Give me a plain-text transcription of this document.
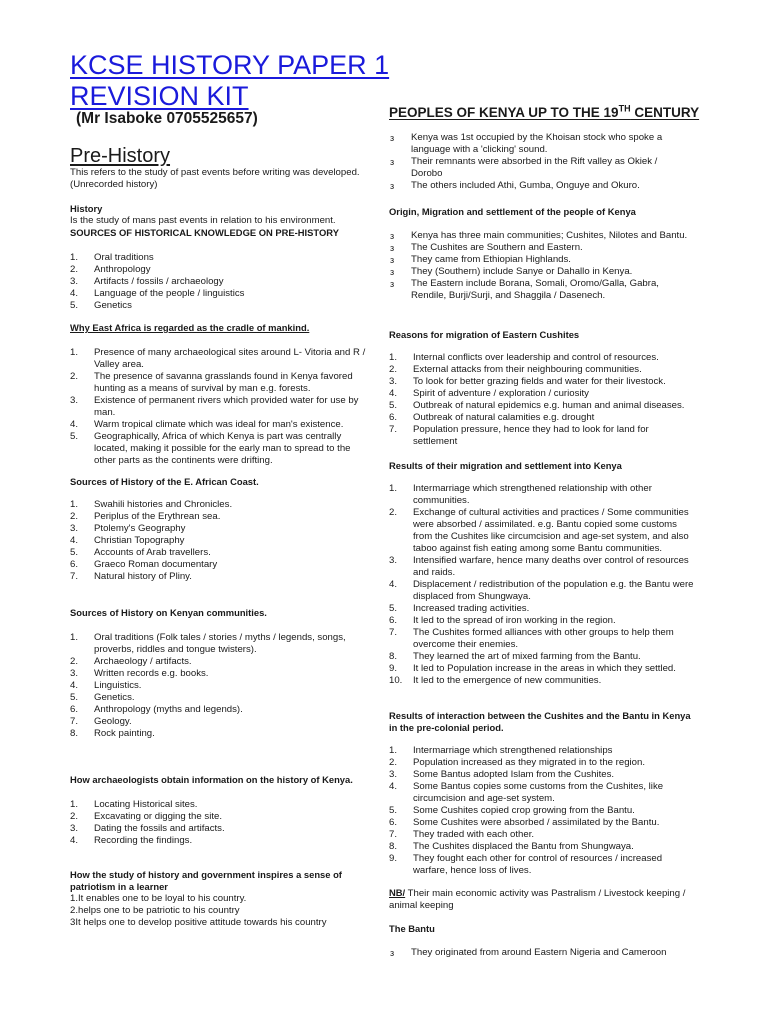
KCSE HISTORY PAPER 1
REVISION KIT
(Mr Isaboke 0705525657)
Pre-History

This refers to the study of past events before writing was developed.(Unrecorded history)

History

Is the study of mans past events in relation to his environment.

SOURCES OF HISTORICAL KNOWLEDGE ON PRE-HISTORY

1. Oral traditions
2. Anthropology
3. Artifacts / fossils / archaeology
4. Language of the people / linguistics
5. Genetics

Why East Africa is regarded as the cradle of mankind.

1. Presence of many archaeological sites around L- Vitoria and R / Valley area.
2. The presence of savanna grasslands found in Kenya favored hunting as a means of survival by man e.g. forests.
3. Existence of permanent rivers which provided water for use by man.
4. Warm tropical climate which was ideal for man's existence.
5. Geographically, Africa of which Kenya is part was centrally located, making it possible for the early man to spread to the other parts as the continents were drifting.

Sources of History of the E. African Coast.

1. Swahili histories and Chronicles.
2. Periplus of the Erythrean sea.
3. Ptolemy's Geography
4. Christian Topography
5. Accounts of Arab travellers.
6. Graeco Roman documentary
7. Natural history of Pliny.

Sources of History on Kenyan communities.

1. Oral traditions (Folk tales / stories / myths / legends, songs, proverbs, riddles and tongue twisters).
2. Archaeology / artifacts.
3. Written records e.g. books.
4. Linguistics.
5. Genetics.
6. Anthropology (myths and legends).
7. Geology.
8. Rock painting.

How archaeologists obtain information on the history of Kenya.

1. Locating Historical sites.
2. Excavating or digging the site.
3. Dating the fossils and artifacts.
4. Recording the findings.

How the study of history and government inspires a sense of patriotism in a learner

1.It enables one to be loyal to his country.

2.helps one to be patriotic to his country

3It helps one to develop positive attitude towards his country

PEOPLES OF KENYA UP TO THE 19TH CENTURY
з Kenya was 1st occupied by the Khoisan stock who spoke a language with a 'clicking' sound.
з Their remnants were absorbed in the Rift valley as Okiek / Dorobo
з The others included Athi, Gumba, Onguye and Okuro.

Origin, Migration and settlement of the people of Kenya

з Kenya has three main communities; Cushites, Nilotes and Bantu.
з The Cushites are Southern and Eastern.
з They came from Ethiopian Highlands.
з They (Southern) include Sanye or Dahallo in Kenya.
з The Eastern include Borana, Somali, Oromo/Galla, Gabra, Rendile, Burji/Surji, and Shaggila / Dasenech.

Reasons for migration of Eastern Cushites

1. Internal conflicts over leadership and control of resources.
2. External attacks from their neighbouring communities.
3. To look for better grazing fields and water for their livestock.
4. Spirit of adventure / exploration / curiosity
5. Outbreak of natural epidemics e.g. human and animal diseases.
6. Outbreak of natural calamities e.g. drought
7. Population pressure, hence they had to look for land for settlement

Results of their migration and settlement into Kenya

1. Intermarriage which strengthened relationship with other communities.
2. Exchange of cultural activities and practices / Some communities were absorbed / assimilated. e.g. Bantu copied some customs from the Cushites like circumcision and age-set system, and also taboo against fish eating among some Bantu communities.
3. Intensified warfare, hence many deaths over control of resources and raids.
4. Displacement / redistribution of the population e.g. the Bantu were displaced from Shungwaya.
5. Increased trading activities.
6. It led to the spread of iron working in the region.
7. The Cushites formed alliances with other groups to help them overcome their enemies.
8. They learned the art of mixed farming from the Bantu.
9. It led to Population increase in the areas in which they settled.
10. It led to the emergence of new communities.

Results of interaction between the Cushites and the Bantu in Kenya in the pre-colonial period.

1. Intermarriage which strengthened relationships
2. Population increased as they migrated in to the region.
3. Some Bantus adopted Islam from the Cushites.
4. Some Bantus copies some customs from the Cushites, like circumcision and age-set system.
5. Some Cushites copied crop growing from the Bantu.
6. Some Cushites were absorbed / assimilated by the Bantu.
7. They traded with each other.
8. The Cushites displaced the Bantu from Shungwaya.
9. They fought each other for control of resources / increased warfare, hence loss of lives.

NB/ Their main economic activity was Pastralism / Livestock keeping / animal keeping

The Bantu

з They originated from around Eastern Nigeria and Cameroon
